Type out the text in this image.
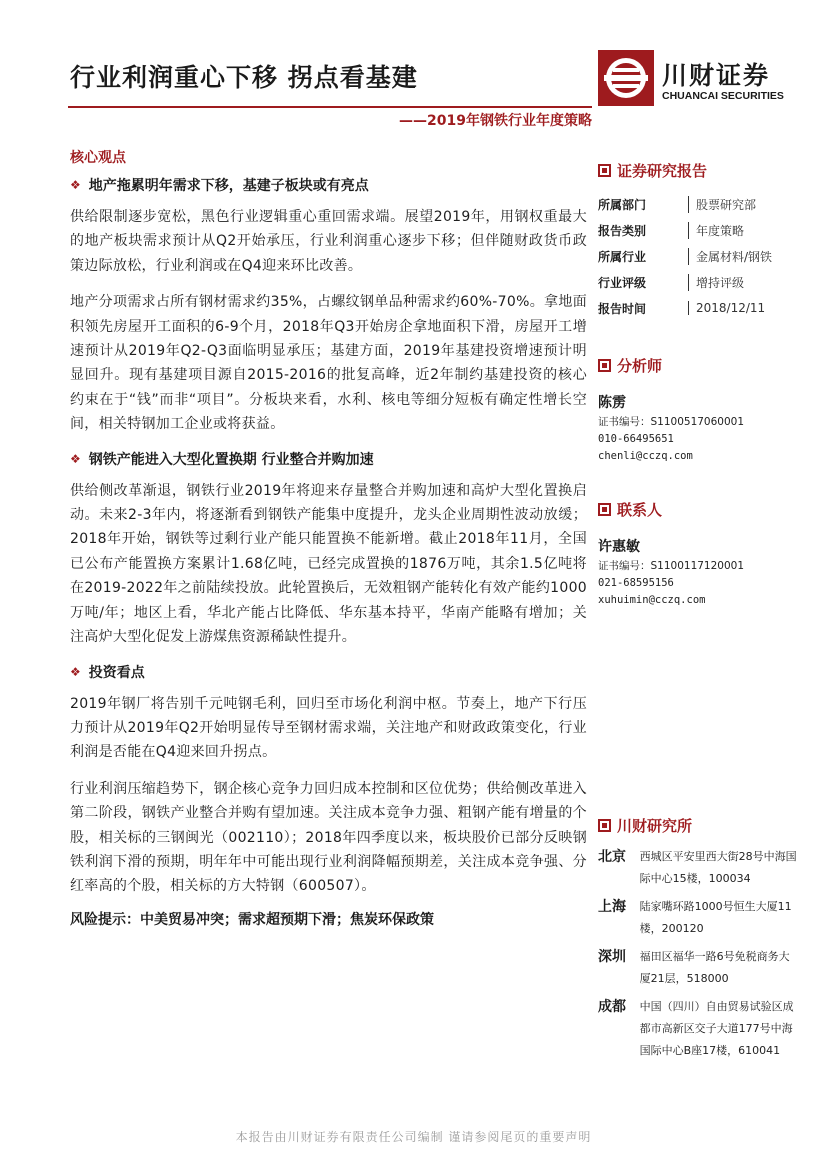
行业利润重心下移 拐点看基建	川财证券
CHUANCAI SECURITIES
——2019年钢铁行业年度策略
核心观点
❖ 地产拖累明年需求下移，基建子板块或有亮点

供给限制逐步宽松，黑色行业逻辑重心重回需求端。展望2019年，用钢权重最大的地产板块需求预计从Q2开始承压，行业利润重心逐步下移；但伴随财政货币政策边际放松，行业利润或在Q4迎来环比改善。

地产分项需求占所有钢材需求约35%，占螺纹钢单品种需求约60%-70%。拿地面积领先房屋开工面积的6-9个月，2018年Q3开始房企拿地面积下滑，房屋开工增速预计从2019年Q2-Q3面临明显承压；基建方面，2019年基建投资增速预计明显回升。现有基建项目源自2015-2016的批复高峰，近2年制约基建投资的核心约束在于“钱”而非“项目”。分板块来看，水利、核电等细分短板有确定性增长空间，相关特钢加工企业或将获益。

❖ 钢铁产能进入大型化置换期 行业整合并购加速

供给侧改革渐退，钢铁行业2019年将迎来存量整合并购加速和高炉大型化置换启动。未来2-3年内，将逐渐看到钢铁产能集中度提升，龙头企业周期性波动放缓； 2018年开始，钢铁等过剩行业产能只能置换不能新增。截止2018年11月，全国已公布产能置换方案累计1.68亿吨，已经完成置换的1876万吨，其余1.5亿吨将在2019-2022年之前陆续投放。此轮置换后，无效粗钢产能转化有效产能约1000万吨/年；地区上看，华北产能占比降低、华东基本持平，华南产能略有增加；关注高炉大型化促发上游煤焦资源稀缺性提升。

❖ 投资看点

2019年钢厂将告别千元吨钢毛利，回归至市场化利润中枢。节奏上，地产下行压力预计从2019年Q2开始明显传导至钢材需求端，关注地产和财政政策变化，行业利润是否能在Q4迎来回升拐点。

行业利润压缩趋势下，钢企核心竞争力回归成本控制和区位优势；供给侧改革进入第二阶段，钢铁产业整合并购有望加速。关注成本竞争力强、粗钢产能有增量的个股，相关标的三钢闽光（002110）；2018年四季度以来，板块股价已部分反映钢铁利润下滑的预期，明年年中可能出现行业利润降幅预期差，关注成本竞争强、分红率高的个股，相关标的方大特钢（600507）。

风险提示：中美贸易冲突；需求超预期下滑；焦炭环保政策
证券研究报告
所属部门	股票研究部
报告类别	年度策略
所属行业	金属材料/钢铁
行业评级	增持评级
报告时间	2018/12/11
分析师
陈雳
证书编号：S1100517060001
010-66495651
chenli@cczq.com
联系人
许惠敏
证书编号：S1100117120001
021-68595156
xuhuimin@cczq.com
川财研究所
北京	西城区平安里西大街28号中海国际中心15楼，100034
上海	陆家嘴环路1000号恒生大厦11楼，200120
深圳	福田区福华一路6号免税商务大厦21层，518000
成都	中国（四川）自由贸易试验区成都市高新区交子大道177号中海国际中心B座17楼，610041
本报告由川财证券有限责任公司编制 谨请参阅尾页的重要声明
